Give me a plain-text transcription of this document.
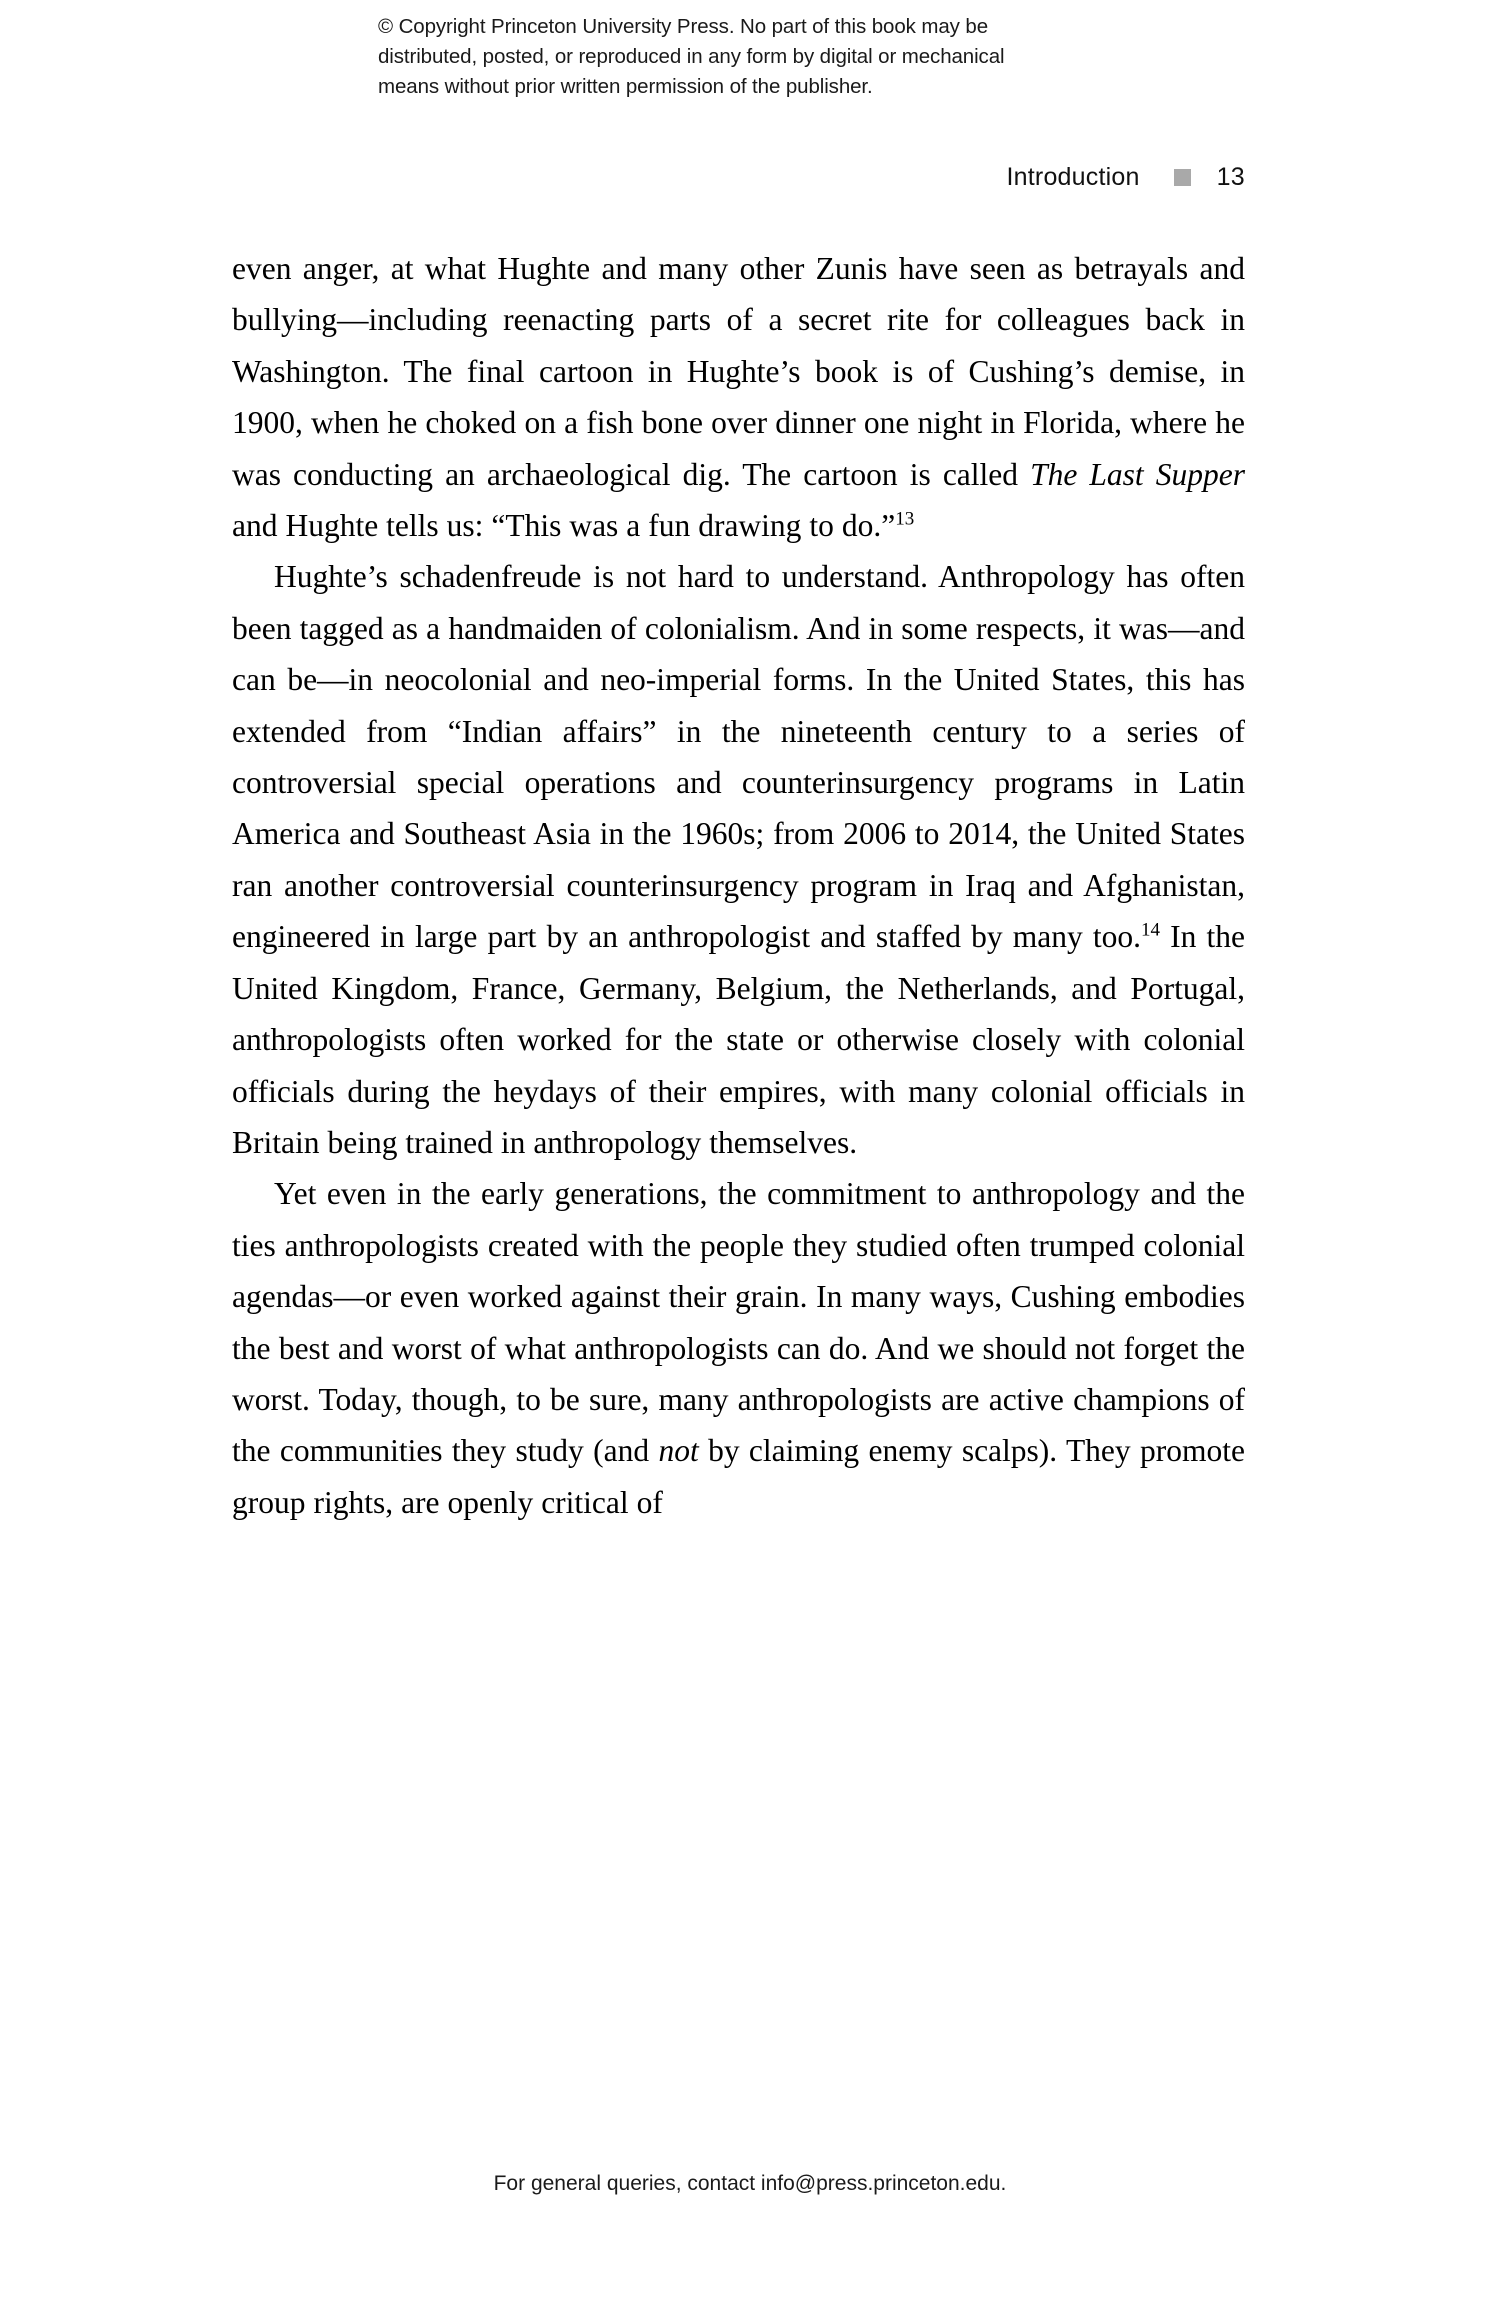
© Copyright Princeton University Press. No part of this book may be
distributed, posted, or reproduced in any form by digital or mechanical
means without prior written permission of the publisher.
Introduction	13

even anger, at what Hughte and many other Zunis have seen as betrayals and bullying—including reenacting parts of a secret rite for colleagues back in Washington. The final cartoon in Hughte’s book is of Cushing’s demise, in 1900, when he choked on a fish bone over dinner one night in Florida, where he was conducting an archaeological dig. The cartoon is called The Last Supper and Hughte tells us: “This was a fun drawing to do.”$^{13}$

Hughte’s schadenfreude is not hard to understand. Anthropology has often been tagged as a handmaiden of colonialism. And in some respects, it was—and can be—in neocolonial and neo-imperial forms. In the United States, this has extended from “Indian affairs” in the nineteenth century to a series of controversial special operations and counterinsurgency programs in Latin America and Southeast Asia in the 1960s; from 2006 to 2014, the United States ran another controversial counterinsurgency program in Iraq and Afghanistan, engineered in large part by an anthropologist and staffed by many too.$^{14}$ In the United Kingdom, France, Germany, Belgium, the Netherlands, and Portugal, anthropologists often worked for the state or otherwise closely with colonial officials during the heydays of their empires, with many colonial officials in Britain being trained in anthropology themselves.

Yet even in the early generations, the commitment to anthropology and the ties anthropologists created with the people they studied often trumped colonial agendas—or even worked against their grain. In many ways, Cushing embodies the best and worst of what anthropologists can do. And we should not forget the worst. Today, though, to be sure, many anthropologists are active champions of the communities they study (and not by claiming enemy scalps). They promote group rights, are openly critical of

For general queries, contact info@press.princeton.edu.
